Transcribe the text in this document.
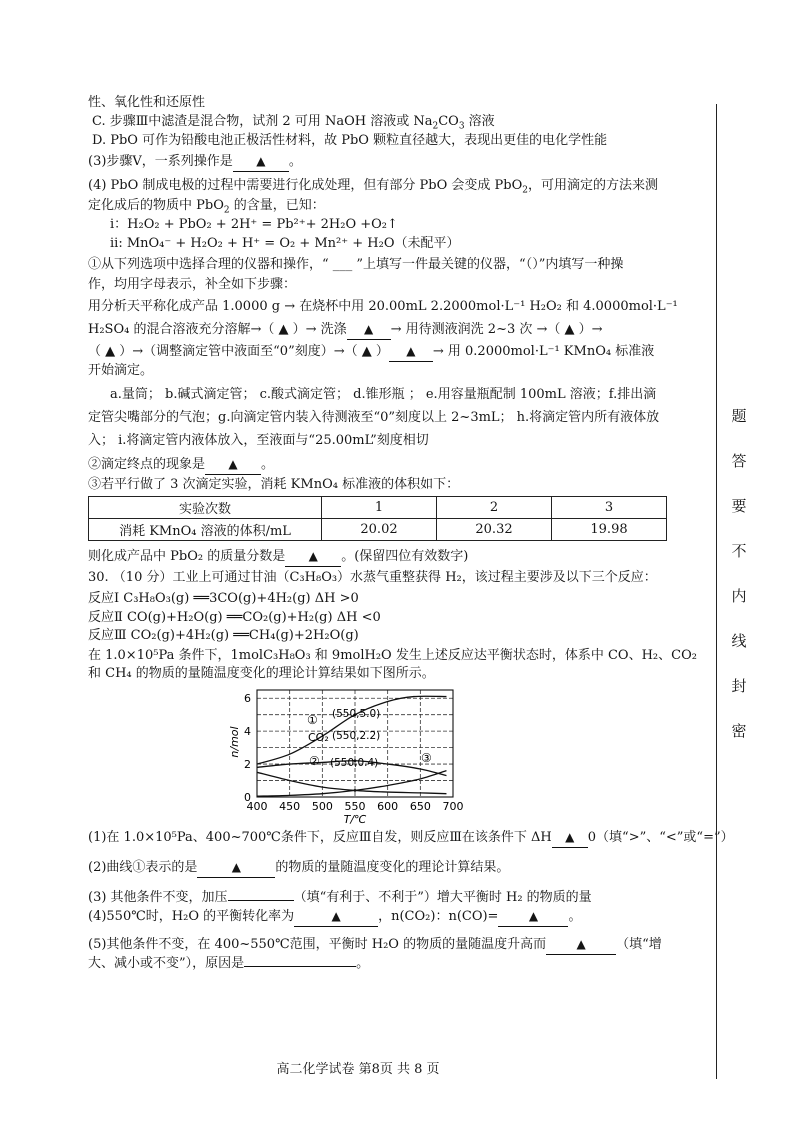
性、氧化性和还原性
C. 步骤Ⅲ中滤渣是混合物，试剂 2 可用 NaOH 溶液或 $Na_2CO_3$ 溶液
D. PbO 可作为铅酸电池正极活性材料，故 PbO 颗粒直径越大，表现出更佳的电化学性能
(3)步骤Ⅴ，一系列操作是 ▲ 。
(4) PbO 制成电极的过程中需要进行化成处理，但有部分 PbO 会变成 PbO$_2$，可用滴定的方法来测
定化成后的物质中 PbO$_2$ 的含量，已知：
i：H₂O₂ + PbO₂ + 2H⁺ = Pb²⁺+ 2H₂O +O₂↑
ii: MnO₄⁻ + H₂O₂ + H⁺ = O₂ + Mn²⁺ + H₂O（未配平）
①从下列选项中选择合理的仪器和操作，“ ___ ”上填写一件最关键的仪器，“（）”内填写一种操
作，均用字母表示，补全如下步骤：
用分析天平称化成产品 1.0000 g → 在烧杯中用 20.00mL 2.2000mol·L⁻¹ H₂O₂ 和 4.0000mol·L⁻¹
H₂SO₄ 的混合溶液充分溶解→（ ▲ ）→ 洗涤 ▲ → 用待测液润洗 2~3 次 →（ ▲ ）→
（ ▲ ）→（调整滴定管中液面至“0”刻度）→（ ▲ ） ▲ → 用 0.2000mol·L⁻¹ KMnO₄ 标准液
开始滴定。
a.量筒； b.碱式滴定管； c.酸式滴定管； d.锥形瓶 ； e.用容量瓶配制 100mL 溶液；f.排出滴
定管尖嘴部分的气泡；g.向滴定管内装入待测液至“0”刻度以上 2~3mL； h.将滴定管内所有液体放
入； i.将滴定管内液体放入，至液面与“25.00mL”刻度相切
②滴定终点的现象是 ▲ 。
③若平行做了 3 次滴定实验，消耗 KMnO₄ 标准液的体积如下：
实验次数	1	2	3
消耗 KMnO₄ 溶液的体积/mL	20.02	20.32	19.98
则化成产品中 PbO₂ 的质量分数是 ▲ 。(保留四位有效数字)
30. （10 分）工业上可通过甘油（C₃H₈O₃）水蒸气重整获得 H₂，该过程主要涉及以下三个反应：
反应Ⅰ C₃H₈O₃(g) ══3CO(g)+4H₂(g) ΔH >0
反应Ⅱ CO(g)+H₂O(g) ══CO₂(g)+H₂(g) ΔH <0
反应Ⅲ CO₂(g)+4H₂(g) ══CH₄(g)+2H₂O(g)
在 1.0×10⁵Pa 条件下，1molC₃H₈O₃ 和 9molH₂O 发生上述反应达平衡状态时，体系中 CO、H₂、CO₂
和 CH₄ 的物质的量随温度变化的理论计算结果如下图所示。
400 450 500 550 600 650 700
0
2
4
6
n/mol
T/℃
(550,5.0)
(550,2.2)
(550,0.4)
①
CO₂
②	③
(1)在 1.0×10⁵Pa、400~700℃条件下，反应Ⅲ自发，则反应Ⅲ在该条件下 ΔH ▲ 0（填“>”、“<”或“=”）
(2)曲线①表示的是	▲	的物质的量随温度变化的理论计算结果。
(3) 其他条件不变，加压	（填“有利于、不利于”）增大平衡时 H₂ 的物质的量
(4)550℃时，H₂O 的平衡转化率为	▲	，n(CO₂)：n(CO)=	▲ 。
(5)其他条件不变，在 400~550℃范围，平衡时 H₂O 的物质的量随温度升高而	▲ （填“增
大、减小或不变”），原因是	。
高二化学试卷 第8页 共 8 页
题
答
要
不
内
线
封
密
